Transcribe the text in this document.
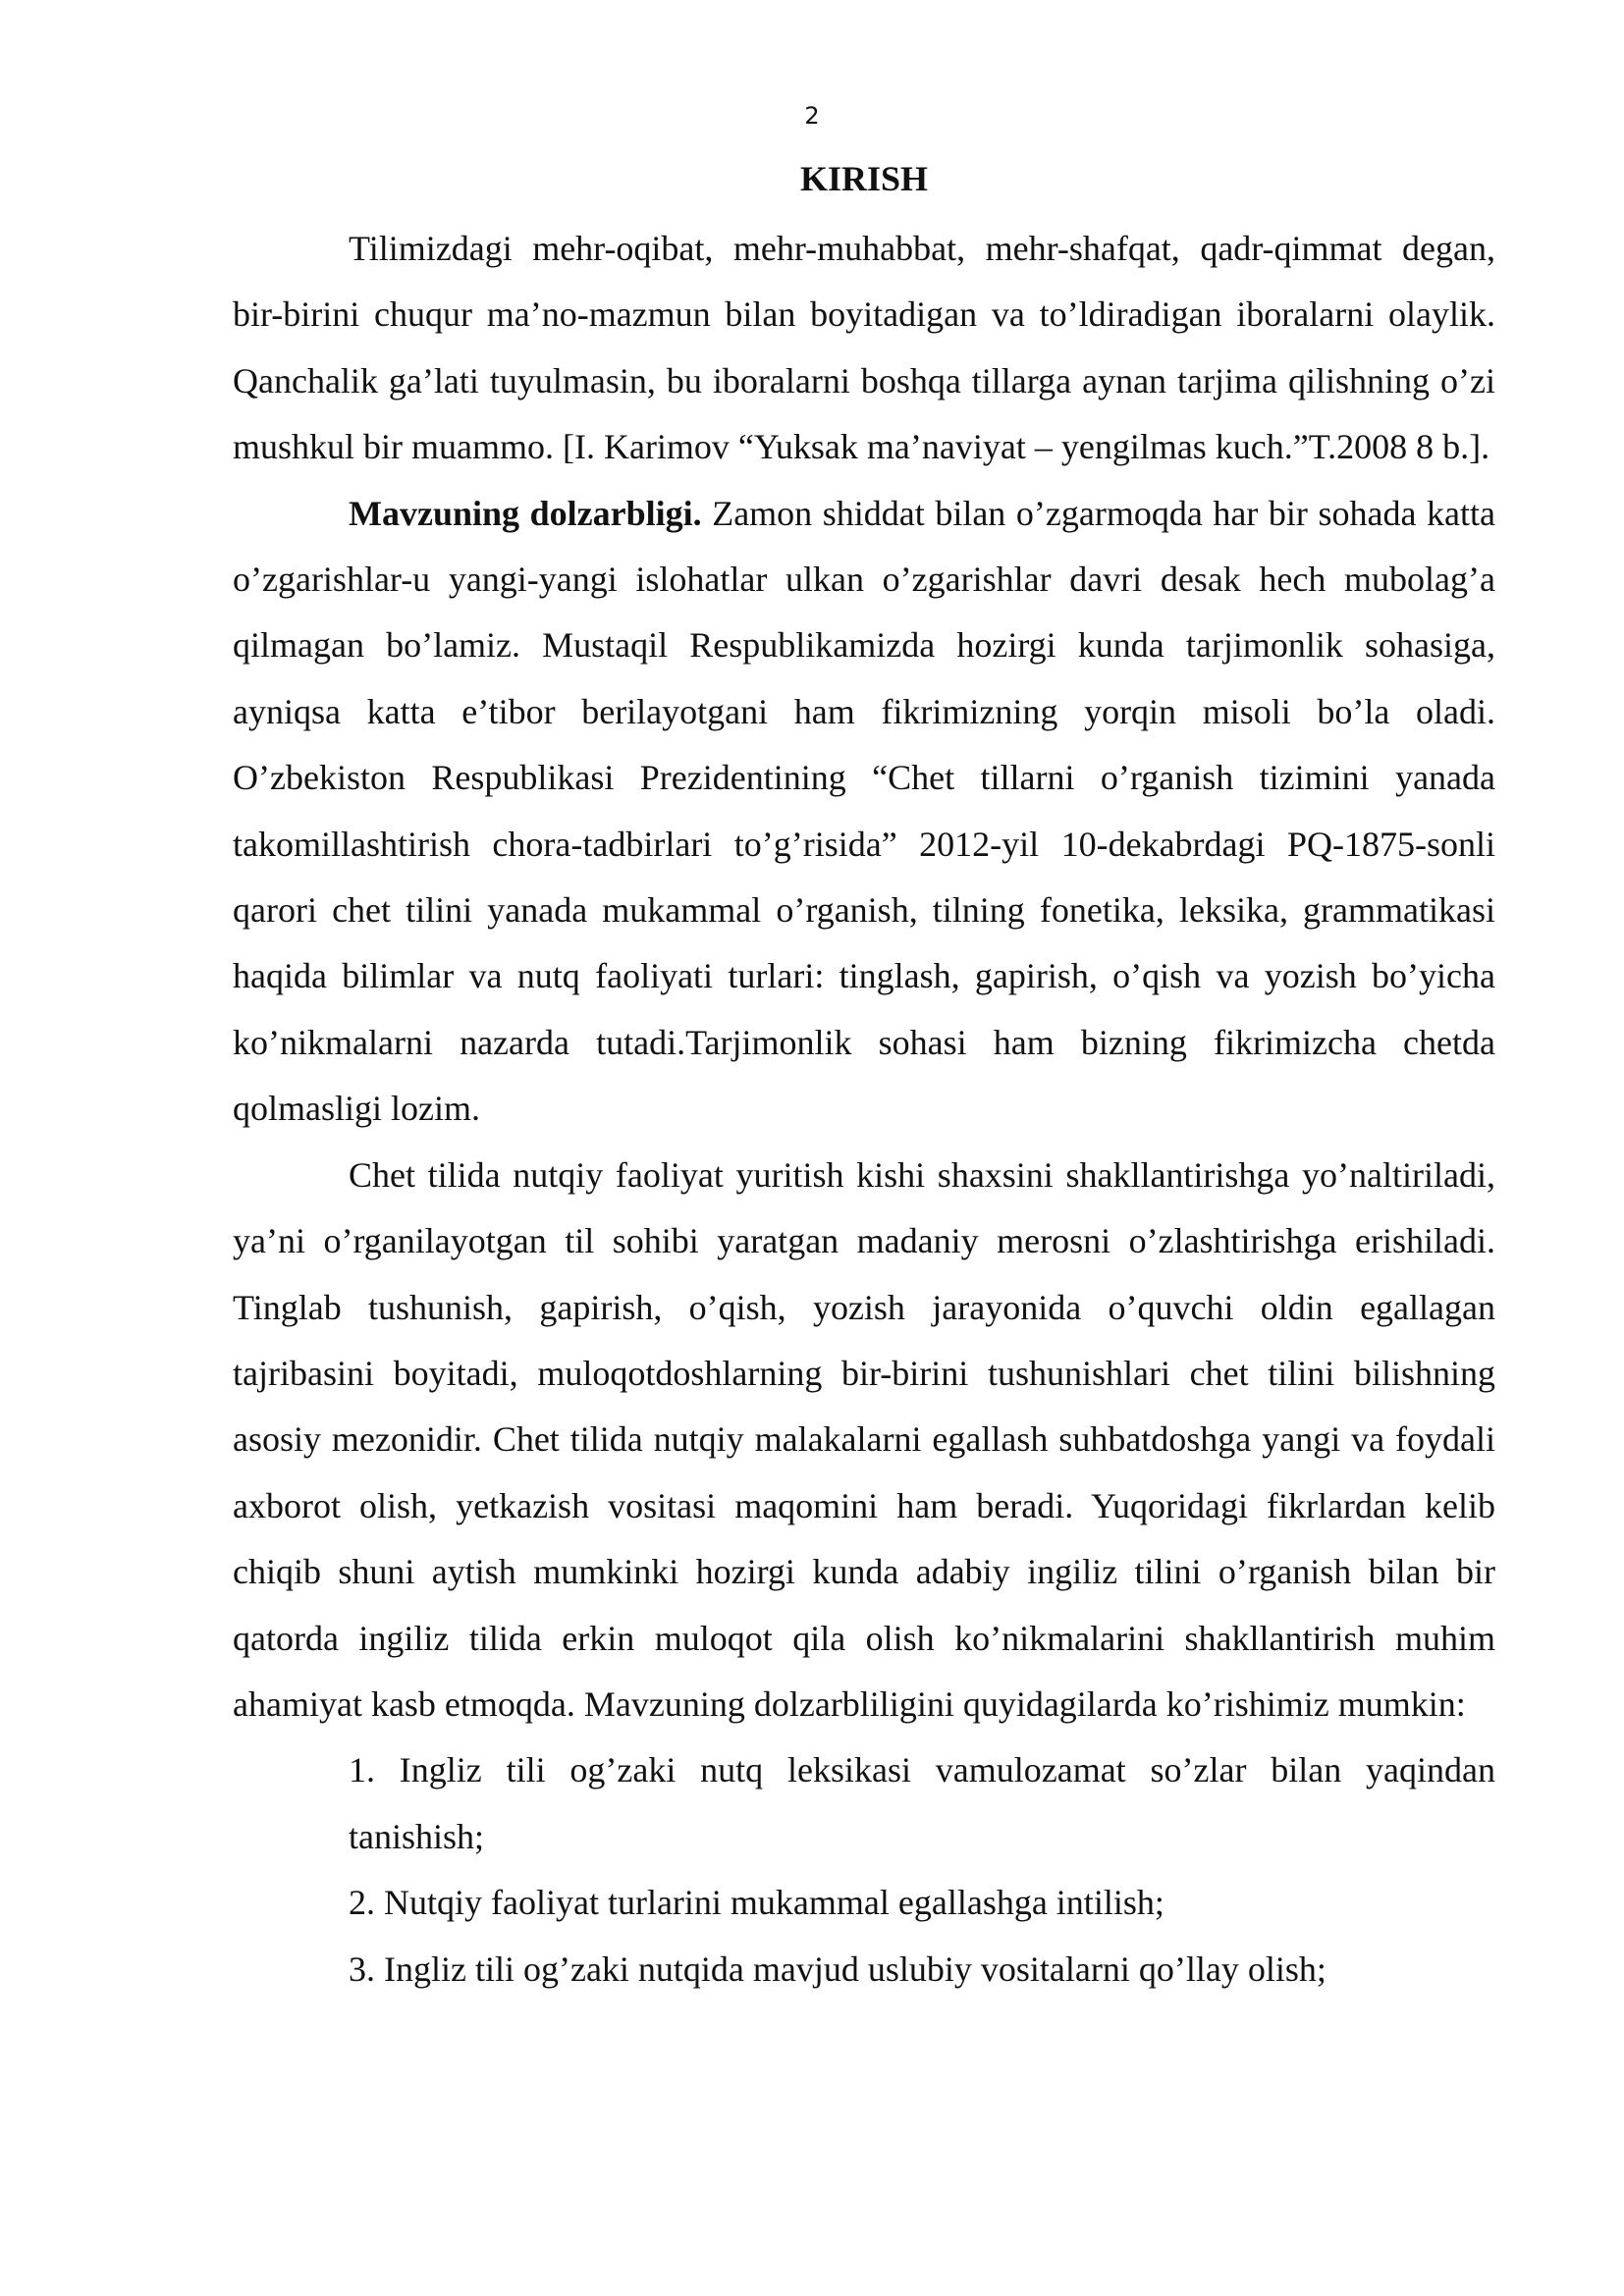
2
KIRISH

Tilimizdagi mehr-oqibat, mehr-muhabbat, mehr-shafqat, qadr-qimmat degan, bir-birini chuqur ma’no-mazmun bilan boyitadigan va to’ldiradigan iboralarni olaylik. Qanchalik ga’lati tuyulmasin, bu iboralarni boshqa tillarga aynan tarjima qilishning o’zi mushkul bir muammo. [I. Karimov “Yuksak ma’naviyat – yengilmas kuch.”T.2008 8 b.].

Mavzuning dolzarbligi. Zamon shiddat bilan o’zgarmoqda har bir sohada katta o’zgarishlar-u yangi-yangi islohatlar ulkan o’zgarishlar davri desak hech mubolag’a qilmagan bo’lamiz. Mustaqil Respublikamizda hozirgi kunda tarjimonlik sohasiga, ayniqsa katta e’tibor berilayotgani ham fikrimizning yorqin misoli bo’la oladi. O’zbekiston Respublikasi Prezidentining “Chet tillarni o’rganish tizimini yanada takomillashtirish chora-tadbirlari to’g’risida” 2012-yil 10-dekabrdagi PQ-1875-sonli qarori chet tilini yanada mukammal o’rganish, tilning fonetika, leksika, grammatikasi haqida bilimlar va nutq faoliyati turlari: tinglash, gapirish, o’qish va yozish bo’yicha ko’nikmalarni nazarda tutadi.Tarjimonlik sohasi ham bizning fikrimizcha chetda qolmasligi lozim.

Chet tilida nutqiy faoliyat yuritish kishi shaxsini shakllantirishga yo’naltiriladi, ya’ni o’rganilayotgan til sohibi yaratgan madaniy merosni o’zlashtirishga erishiladi. Tinglab tushunish, gapirish, o’qish, yozish jarayonida o’quvchi oldin egallagan tajribasini boyitadi, muloqotdoshlarning bir-birini tushunishlari chet tilini bilishning asosiy mezonidir. Chet tilida nutqiy malakalarni egallash suhbatdoshga yangi va foydali axborot olish, yetkazish vositasi maqomini ham beradi. Yuqoridagi fikrlardan kelib chiqib shuni aytish mumkinki hozirgi kunda adabiy ingiliz tilini o’rganish bilan bir qatorda ingiliz tilida erkin muloqot qila olish ko’nikmalarini shakllantirish muhim ahamiyat kasb etmoqda. Mavzuning dolzarbliligini quyidagilarda ko’rishimiz mumkin:

1. Ingliz tili og’zaki nutq leksikasi vamulozamat so’zlar bilan yaqindan tanishish;
2. Nutqiy faoliyat turlarini mukammal egallashga intilish;
3. Ingliz tili og’zaki nutqida mavjud uslubiy vositalarni qo’llay olish;
